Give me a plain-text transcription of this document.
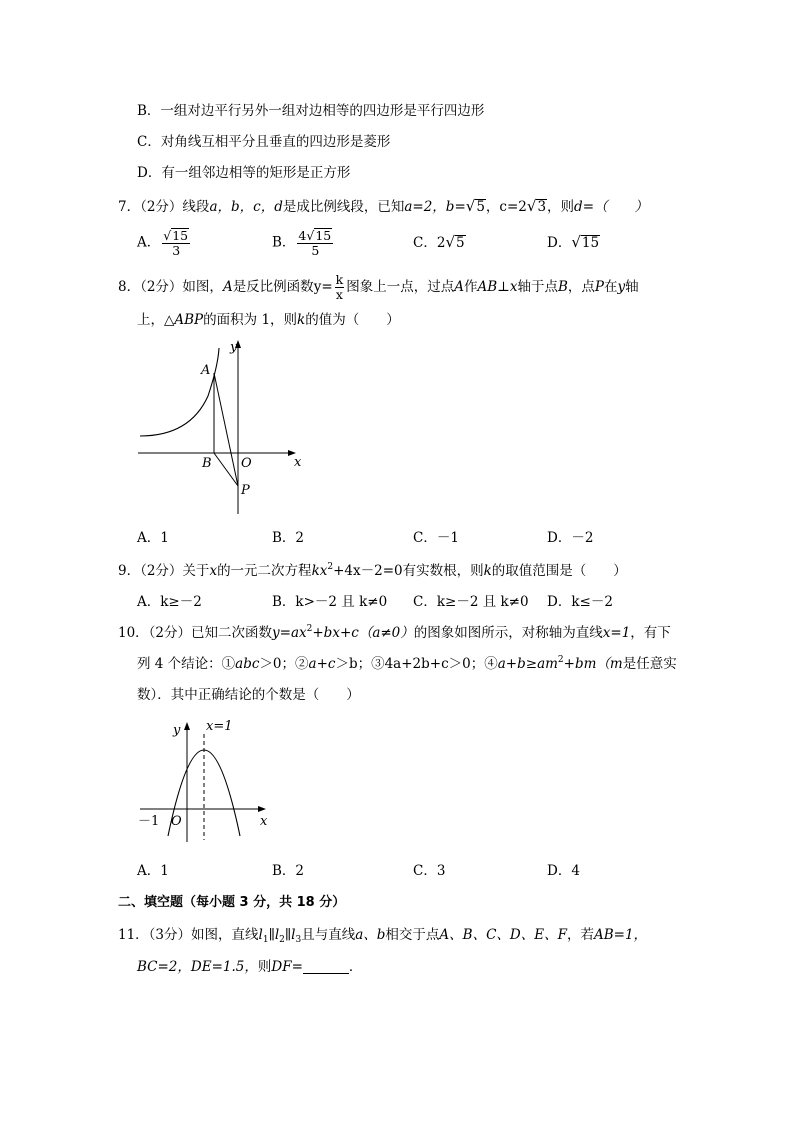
B．一组对边平行另外一组对边相等的四边形是平行四边形
C．对角线互相平分且垂直的四边形是菱形
D．有一组邻边相等的矩形是正方形
7．（2分）线段a，b，c，d是成比例线段，已知a=2，b=√5，c=2√3，则d=（　　）
A． $\frac{√15}{3}$	B． $\frac{4√15}{5}$	C．2√5	D．√15
8．（2分）如图，A是反比例函数$y= \frac{k}{x}$ 图象上一点，过点A作AB⊥x轴于点B，点P在y轴
上，△ABP的面积为 1，则k的值为（　　）
y
x
A
B O
P
A．1	B．2	C．－1	D．－2
9．（2分）关于x的一元二次方程$kx^2+4x-2=0$有实数根，则k的取值范围是（　　）
A．k≥－2	B．k>－2 且 k≠0 C．k≥－2 且 k≠0 D．k≤－2
10．（2分）已知二次函数$y=ax^2+bx+c(a\ne 0)$的图象如图所示，对称轴为直线x=1，有下
列 4 个结论：①abc＞0；②a+c＞b；③4a+2b+c＞0；$④a+b\ge am^2+bm(m$是任意实
数）．其中正确结论的个数是（　　）
y x=1
x
－1 O
A．1	B．2	C．3	D．4
二、填空题（每小题 3 分，共 18 分）
11．（3分）如图，直线$l_1\parallel l_2\parallel l_3$且与直线a、b相交于点A、B、C、D、E、F，若AB=1，
BC=2，DE=1.5，则DF=	．
